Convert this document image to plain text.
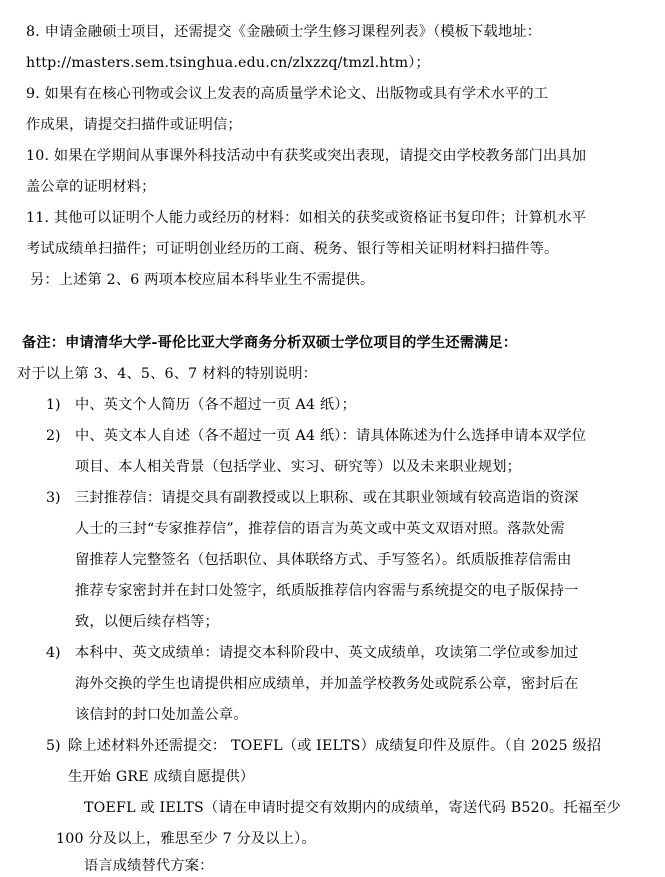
8. 申请金融硕士项目，还需提交《金融硕士学生修习课程列表》（模板下载地址：
http://masters.sem.tsinghua.edu.cn/zlxzzq/tmzl.htm）；
9. 如果有在核心刊物或会议上发表的高质量学术论文、出版物或具有学术水平的工
作成果，请提交扫描件或证明信；
10. 如果在学期间从事课外科技活动中有获奖或突出表现，请提交由学校教务部门出具加
盖公章的证明材料；
11. 其他可以证明个人能力或经历的材料：如相关的获奖或资格证书复印件；计算机水平
考试成绩单扫描件；可证明创业经历的工商、税务、银行等相关证明材料扫描件等。
另：上述第 2、6 两项本校应届本科毕业生不需提供。
备注：申请清华大学-哥伦比亚大学商务分析双硕士学位项目的学生还需满足：
对于以上第 3、4、5、6、7 材料的特别说明：
1) 中、英文个人简历（各不超过一页 A4 纸）；
2) 中、英文本人自述（各不超过一页 A4 纸）：请具体陈述为什么选择申请本双学位
项目、本人相关背景（包括学业、实习、研究等）以及未来职业规划；
3) 三封推荐信：请提交具有副教授或以上职称、或在其职业领域有较高造诣的资深
人士的三封“专家推荐信”，推荐信的语言为英文或中英文双语对照。落款处需
留推荐人完整签名（包括职位、具体联络方式、手写签名）。纸质版推荐信需由
推荐专家密封并在封口处签字，纸质版推荐信内容需与系统提交的电子版保持一
致，以便后续存档等；
4) 本科中、英文成绩单：请提交本科阶段中、英文成绩单，攻读第二学位或参加过
海外交换的学生也请提供相应成绩单，并加盖学校教务处或院系公章，密封后在
该信封的封口处加盖公章。
5) 除上述材料外还需提交： TOEFL（或 IELTS）成绩复印件及原件。（自 2025 级招
生开始 GRE 成绩自愿提供）
TOEFL 或 IELTS（请在申请时提交有效期内的成绩单，寄送代码 B520。托福至少
100 分及以上，雅思至少 7 分及以上）。
语言成绩替代方案：
